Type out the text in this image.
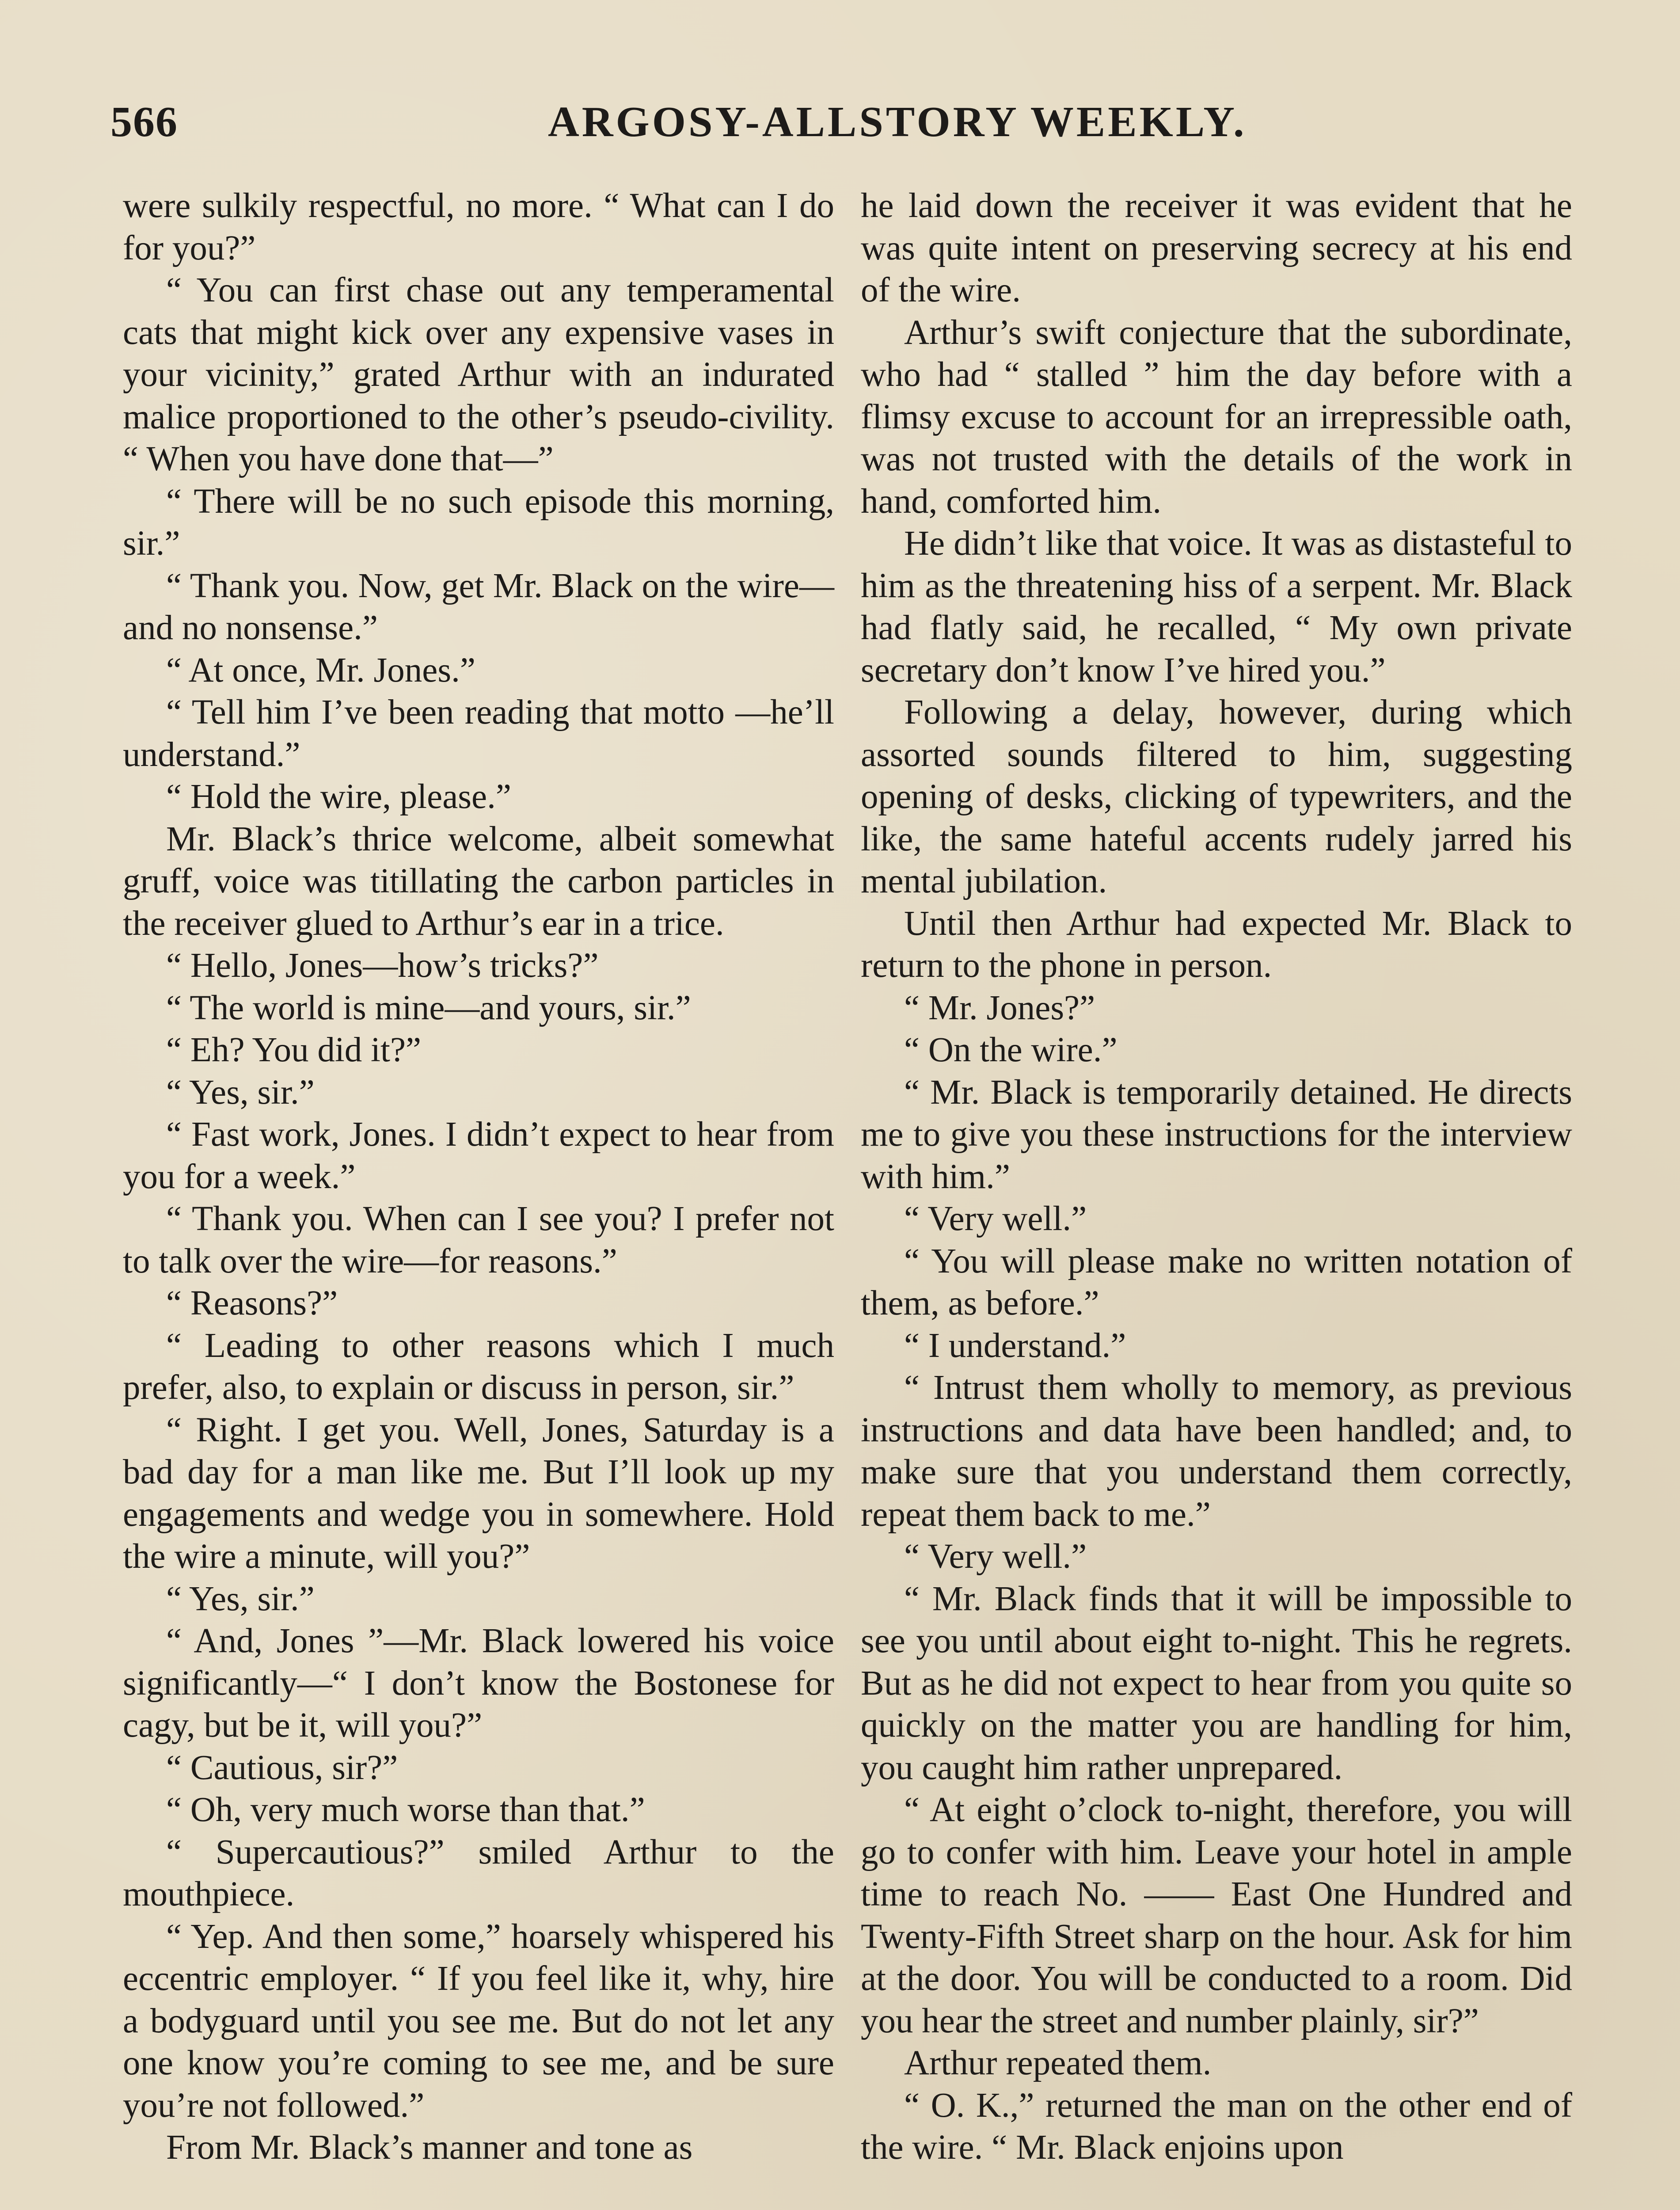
566	ARGOSY-ALLSTORY WEEKLY.

were sulkily respectful, no more. “ What can I do for you?”

“ You can first chase out any temperamental cats that might kick over any expensive vases in your vicinity,” grated Arthur with an indurated malice proportioned to the other’s pseudo-civility. “ When you have done that—”

“ There will be no such episode this morning, sir.”

“ Thank you. Now, get Mr. Black on the wire—and no nonsense.”

“ At once, Mr. Jones.”

“ Tell him I’ve been reading that motto —he’ll understand.”

“ Hold the wire, please.”

Mr. Black’s thrice welcome, albeit somewhat gruff, voice was titillating the carbon particles in the receiver glued to Arthur’s ear in a trice.

“ Hello, Jones—how’s tricks?”

“ The world is mine—and yours, sir.”

“ Eh? You did it?”

“ Yes, sir.”

“ Fast work, Jones. I didn’t expect to hear from you for a week.”

“ Thank you. When can I see you? I prefer not to talk over the wire—for reasons.”

“ Reasons?”

“ Leading to other reasons which I much prefer, also, to explain or discuss in person, sir.”

“ Right. I get you. Well, Jones, Saturday is a bad day for a man like me. But I’ll look up my engagements and wedge you in somewhere. Hold the wire a minute, will you?”

“ Yes, sir.”

“ And, Jones ”—Mr. Black lowered his voice significantly—“ I don’t know the Bostonese for cagy, but be it, will you?”

“ Cautious, sir?”

“ Oh, very much worse than that.”

“ Supercautious?” smiled Arthur to the mouthpiece.

“ Yep. And then some,” hoarsely whispered his eccentric employer. “ If you feel like it, why, hire a bodyguard until you see me. But do not let any one know you’re coming to see me, and be sure you’re not followed.”

From Mr. Black’s manner and tone as

he laid down the receiver it was evident that he was quite intent on preserving secrecy at his end of the wire.

Arthur’s swift conjecture that the subordinate, who had “ stalled ” him the day before with a flimsy excuse to account for an irrepressible oath, was not trusted with the details of the work in hand, comforted him.

He didn’t like that voice. It was as distasteful to him as the threatening hiss of a serpent. Mr. Black had flatly said, he recalled, “ My own private secretary don’t know I’ve hired you.”

Following a delay, however, during which assorted sounds filtered to him, suggesting opening of desks, clicking of typewriters, and the like, the same hateful accents rudely jarred his mental jubilation.

Until then Arthur had expected Mr. Black to return to the phone in person.

“ Mr. Jones?”

“ On the wire.”

“ Mr. Black is temporarily detained. He directs me to give you these instructions for the interview with him.”

“ Very well.”

“ You will please make no written notation of them, as before.”

“ I understand.”

“ Intrust them wholly to memory, as previous instructions and data have been handled; and, to make sure that you understand them correctly, repeat them back to me.”

“ Very well.”

“ Mr. Black finds that it will be impossible to see you until about eight to-night. This he regrets. But as he did not expect to hear from you quite so quickly on the matter you are handling for him, you caught him rather unprepared.

“ At eight o’clock to-night, therefore, you will go to confer with him. Leave your hotel in ample time to reach No. —— East One Hundred and Twenty-Fifth Street sharp on the hour. Ask for him at the door. You will be conducted to a room. Did you hear the street and number plainly, sir?”

Arthur repeated them.

“ O. K.,” returned the man on the other end of the wire. “ Mr. Black enjoins upon
